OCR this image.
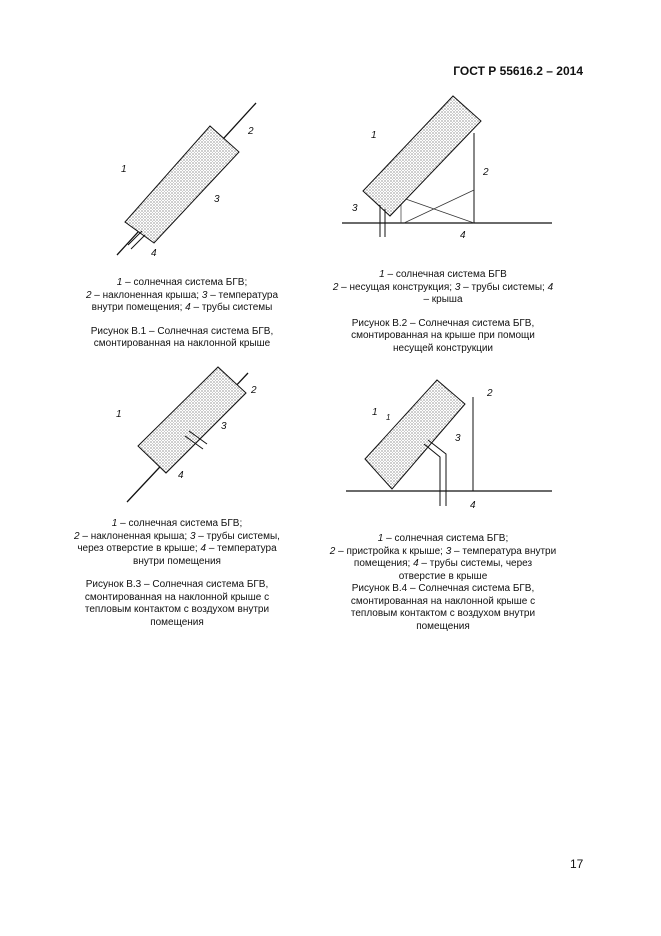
ГОСТ Р 55616.2 – 2014
1
2
3
4
1
2
3
4
1
2
3
4
1 1
2
3
4
1 – солнечная система БГВ;
2 – наклоненная крыша; 3 – температура
внутри помещения; 4 – трубы системы
Рисунок В.1 – Солнечная система БГВ,
смонтированная на наклонной крыше
1 – солнечная система БГВ
2 – несущая конструкция; 3 – трубы системы; 4
– крыша
Рисунок В.2 – Солнечная система БГВ,
смонтированная на крыше при помощи
несущей конструкции
1 – солнечная система БГВ;
2 – наклоненная крыша; 3 – трубы системы,
через отверстие в крыше; 4 – температура
внутри помещения
Рисунок В.3 – Солнечная система БГВ,
смонтированная на наклонной крыше с
тепловым контактом с воздухом внутри
помещения
1 – солнечная система БГВ;
2 – пристройка к крыше; 3 – температура внутри
помещения; 4 – трубы системы, через
отверстие в крыше
Рисунок В.4 – Солнечная система БГВ,
смонтированная на наклонной крыше с
тепловым контактом с воздухом внутри
помещения
17
